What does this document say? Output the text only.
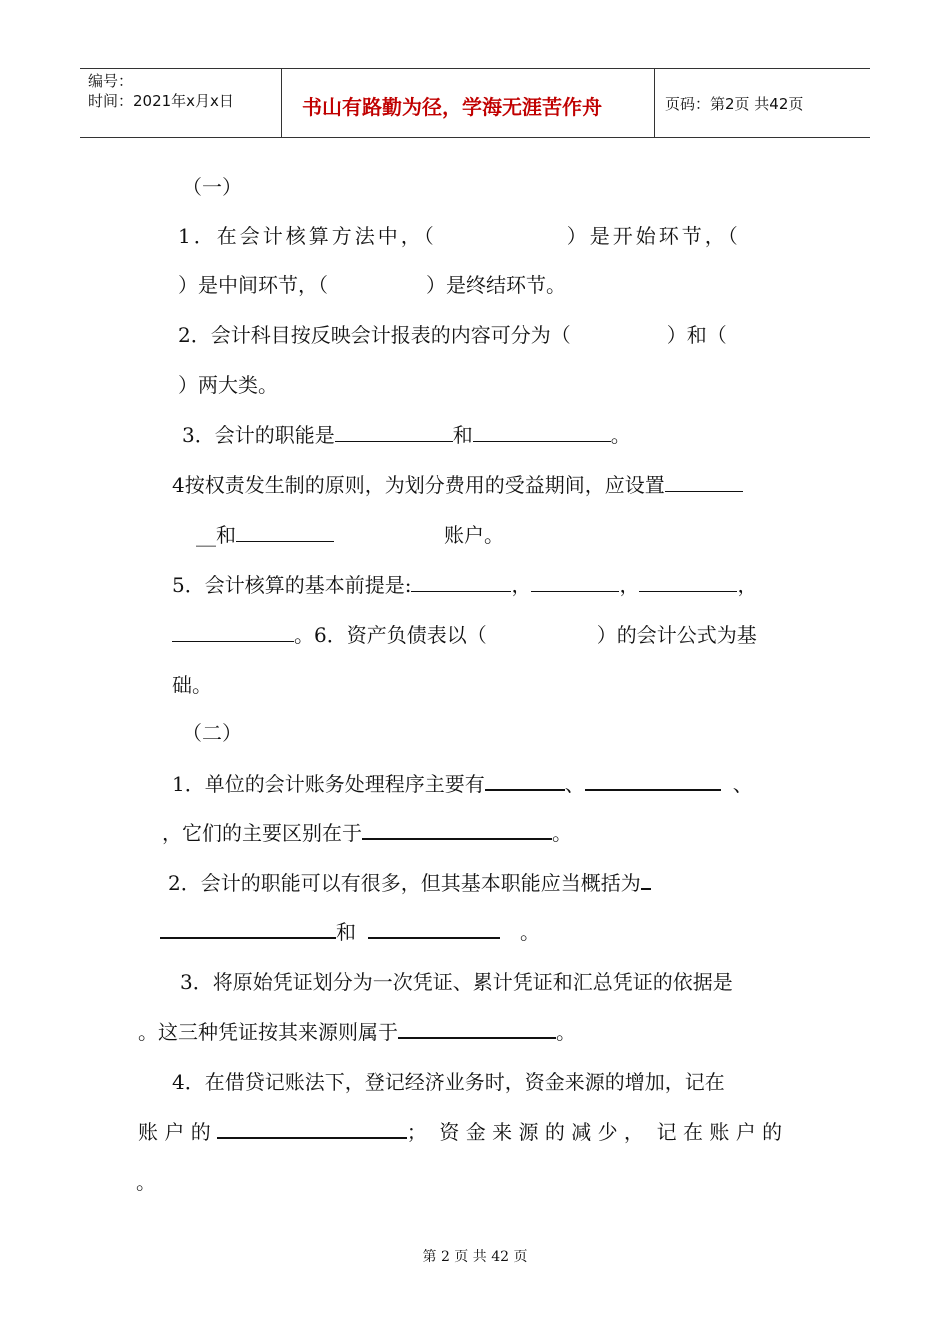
编号：
时间：2021年x月x日	书山有路勤为径，学海无涯苦作舟	页码：第2页 共42页
（一）
1．在会计核算方法中，（	）是开始环节，（
）是中间环节，（	）是终结环节。
2．会计科目按反映会计报表的内容可分为（	）和（
）两大类。
3．会计的职能是	和	。
4按权责发生制的原则，为划分费用的受益期间，应设置
__和	账户。
5．会计核算的基本前提是:	，	，	，
。6．资产负债表以（	）的会计公式为基
础。
（二）
1．单位的会计账务处理程序主要有	、	、
，它们的主要区别在于	。
2．会计的职能可以有很多，但其基本职能应当概括为
和	。
3．将原始凭证划分为一次凭证、累计凭证和汇总凭证的依据是
。这三种凭证按其来源则属于	。
4．在借贷记账法下，登记经济业务时，资金来源的增加，记在
账 户 的	；  资 金 来 源 的 减 少 ，  记 在 账 户 的
。
第 2 页 共 42 页
